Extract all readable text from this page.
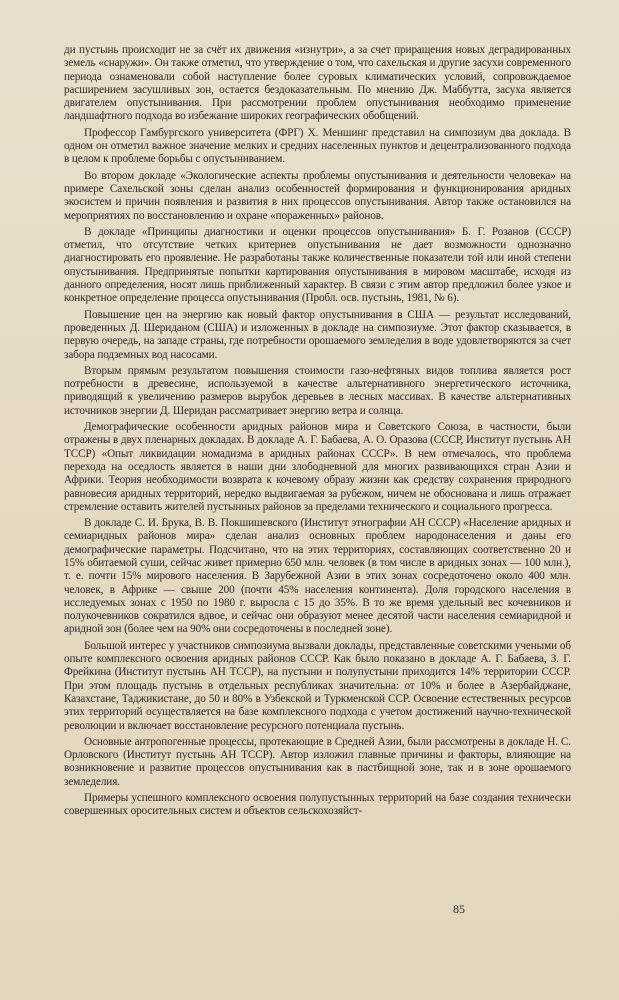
ди пустынь происходит не за счёт их движения «изнутри», а за счет приращения новых деградированных земель «снаружи». Он также отметил, что утверждение о том, что сахельская и другие засухи современного периода ознаменовали собой наступление более суровых климатических условий, сопровождаемое расширением засушливых зон, остается бездоказательным. По мнению Дж. Маббутта, засуха является двигателем опустынивания. При рассмотрении проблем опустынивания необходимо применение ландшафтного подхода во избежание широких географических обобщений.

Профессор Гамбургского университета (ФРГ) Х. Меншинг представил на симпозиум два доклада. В одном он отметил важное значение мелких и средних населенных пунктов и децентрализованного подхода в целом к проблеме борьбы с опустыниванием.

Во втором докладе «Экологические аспекты проблемы опустынивания и деятельности человека» на примере Сахельской зоны сделан анализ особенностей формирования и функционирования аридных экосистем и причин появления и развития в них процессов опустынивания. Автор также остановился на мероприятиях по восстановлению и охране «пораженных» районов.

В докладе «Принципы диагностики и оценки процессов опустынивания» Б. Г. Розанов (СССР) отметил, что отсутствие четких критериев опустынивания не дает возможности однозначно диагностировать его проявление. Не разработаны также количественные показатели той или иной степени опустынивания. Предпринятые попытки картирования опустынивания в мировом масштабе, исходя из данного определения, носят лишь приближенный характер. В связи с этим автор предложил более узкое и конкретное определение процесса опустынивания (Пробл. осв. пустынь, 1981, № 6).

Повышение цен на энергию как новый фактор опустынивания в США — результат исследований, проведенных Д. Шериданом (США) и изложенных в докладе на симпозиуме. Этот фактор сказывается, в первую очередь, на западе страны, где потребности орошаемого земледелия в воде удовлетворяются за счет забора подземных вод насосами.

Вторым прямым результатом повышения стоимости газо-нефтяных видов топлива является рост потребности в древесине, используемой в качестве альтернативного энергетического источника, приводящий к увеличению размеров вырубок деревьев в лесных массивах. В качестве альтернативных источников энергии Д. Шеридан рассматривает энергию ветра и солнца.

Демографические особенности аридных районов мира и Советского Союза, в частности, были отражены в двух пленарных докладах. В докладе А. Г. Бабаева, А. О. Оразова (СССР, Институт пустынь АН ТССР) «Опыт ликвидации номадизма в аридных районах СССР». В нем отмечалось, что проблема перехода на оседлость является в наши дни злободневной для многих развивающихся стран Азии и Африки. Теория необходимости возврата к кочевому образу жизни как средству сохранения природного равновесия аридных территорий, нередко выдвигаемая за рубежом, ничем не обоснована и лишь отражает стремление оставить жителей пустынных районов за пределами технического и социального прогресса.

В докладе С. И. Брука, В. В. Покшишевского (Институт этнографии АН СССР) «Население аридных и семиаридных районов мира» сделан анализ основных проблем народонаселения и даны его демографические параметры. Подсчитано, что на этих территориях, составляющих соответственно 20 и 15% обитаемой суши, сейчас живет примерно 650 млн. человек (в том числе в аридных зонах — 100 млн.), т. е. почти 15% мирового населения. В Зарубежной Азии в этих зонах сосредоточено около 400 млн. человек, в Африке — свыше 200 (почти 45% населения континента). Доля городского населения в исследуемых зонах с 1950 по 1980 г. выросла с 15 до 35%. В то же время удельный вес кочевников и полукочевников сократился вдвое, и сейчас они образуют менее десятой части населения семиаридной и аридной зон (более чем на 90% они сосредоточены в последней зоне).

Большой интерес у участников симпозиума вызвали доклады, представленные советскими учеными об опыте комплексного освоения аридных районов СССР. Как было показано в докладе А. Г. Бабаева, З. Г. Фрейкина (Институт пустынь АН ТССР), на пустыни и полупустыни приходится 14% территории СССР. При этом площадь пустынь в отдельных республиках значительна: от 10% и более в Азербайджане, Казахстане, Таджикистане, до 50 и 80% в Узбекской и Туркменской ССР. Освоение естественных ресурсов этих территорий осуществляется на базе комплексного подхода с учетом достижений научно-технической революции и включает восстановление ресурсного потенциала пустынь.

Основные антропогенные процессы, протекающие в Средней Азии, были рассмотрены в докладе Н. С. Орловского (Институт пустынь АН ТССР). Автор изложил главные причины и факторы, влияющие на возникновение и развитие процессов опустынивания как в пастбищной зоне, так и в зоне орошаемого земледелия.

Примеры успешного комплексного освоения полупустынных территорий на базе создания технически совершенных оросительных систем и объектов сельскохозяйст-

85
